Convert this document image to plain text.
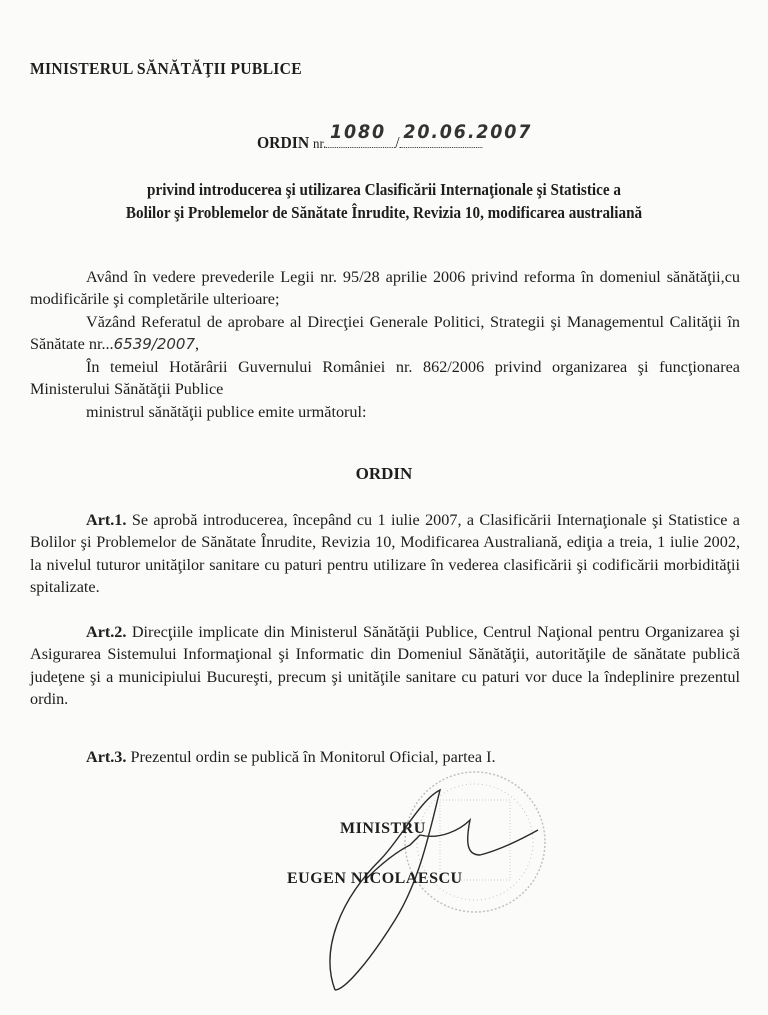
MINISTERUL SĂNĂTĂŢII PUBLICE
ORDIN nr.
1080 / 20.06.2007
privind introducerea şi utilizarea Clasificării Internaţionale şi Statistice a
Bolilor şi Problemelor de Sănătate Înrudite, Revizia 10, modificarea australiană
Având în vedere prevederile Legii nr. 95/28 aprilie 2006 privind reforma în domeniul sănătăţii,cu modificările şi completările ulterioare;
Văzând Referatul de aprobare al Direcţiei Generale Politici, Strategii şi Managementul Calităţii în Sănătate nr...6539/2007,
În temeiul Hotărârii Guvernului României nr. 862/2006 privind organizarea şi funcţionarea Ministerului Sănătăţii Publice
ministrul sănătăţii publice emite următorul:
ORDIN
Art.1. Se aprobă introducerea, începând cu 1 iulie 2007, a Clasificării Internaţionale şi Statistice a Bolilor şi Problemelor de Sănătate Înrudite, Revizia 10, Modificarea Australiană, ediţia a treia, 1 iulie 2002, la nivelul tuturor unităţilor sanitare cu paturi pentru utilizare în vederea clasificării şi codificării morbidităţii spitalizate.
Art.2. Direcţiile implicate din Ministerul Sănătăţii Publice, Centrul Naţional pentru Organizarea şi Asigurarea Sistemului Informaţional şi Informatic din Domeniul Sănătăţii, autorităţile de sănătate publică judeţene şi a municipiului Bucureşti, precum şi unităţile sanitare cu paturi vor duce la îndeplinire prezentul ordin.
Art.3. Prezentul ordin se publică în Monitorul Oficial, partea I.
MINISTRU
EUGEN NICOLAESCU
